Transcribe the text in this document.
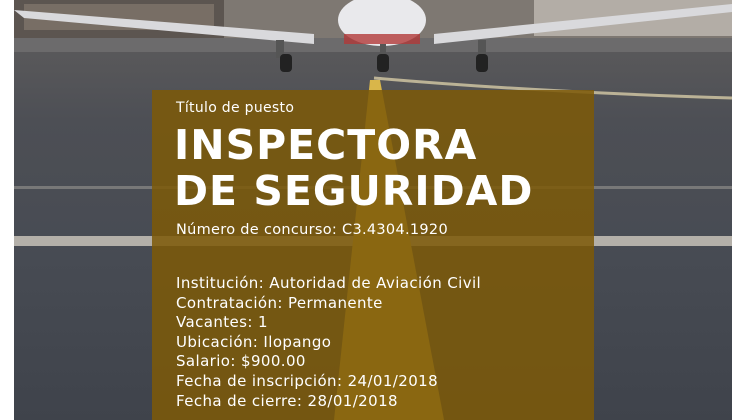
Título de puesto
INSPECTORA
DE SEGURIDAD
Número de concurso: C3.4304.1920
Institución: Autoridad de Aviación Civil
Contratación: Permanente
Vacantes: 1
Ubicación: Ilopango
Salario: $900.00
Fecha de inscripción: 24/01/2018
Fecha de cierre: 28/01/2018
